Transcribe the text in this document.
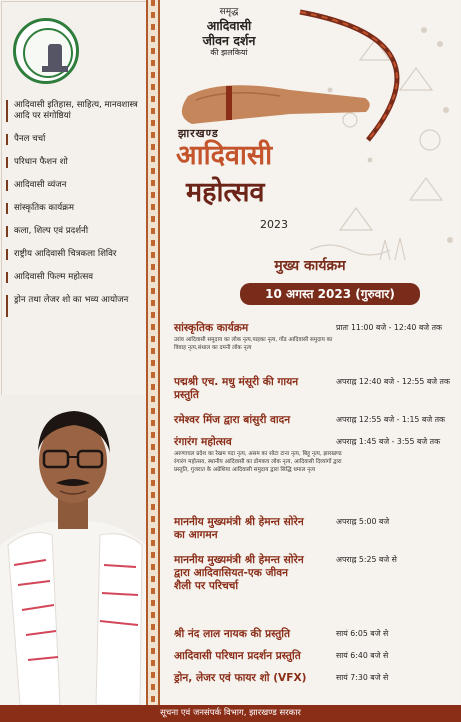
आदिवासी इतिहास, साहित्य, मानवशास्त्र आदि पर संगोष्ठियां
पैनल चर्चा
परिधान फैशन शो
आदिवासी व्यंजन
सांस्कृतिक कार्यक्रम
कला, शिल्प एवं प्रदर्शनी
राष्ट्रीय आदिवासी चित्रकला शिविर
आदिवासी फिल्म महोत्सव
ड्रोन तथा लेजर शो का भव्य आयोजन
समृद्ध
आदिवासी
जीवन दर्शन
की झलकियां
झारखण्ड
आदिवासी
महोत्सव
2023
मुख्य कार्यक्रम
10 अगस्त 2023 (गुरुवार)
सांस्कृतिक कार्यक्रम
उरांव आदिवासी समुदाय का लोक नृत्य,पाइका नृत्य, गोंड आदिवासी समुदाय का विवाह नृत्य,संथाल का दमनी लोक नृत्य
प्रातः 11:00 बजे - 12:40 बजे तक
पद्मश्री एच. मधु मंसूरी की गायन प्रस्तुति
अपराह्न 12:40 बजे - 12:55 बजे तक
रमेश्वर मिंज द्वारा बांसुरी वादन	अपराह्न 12:55 बजे - 1:15 बजे तक
रंगारंग महोत्सव
अरुणाचल प्रदेश का रेखम पदा नृत्य, असम का सोटा टाना नृत्य, बिहू नृत्य, झारखण्ड रंगारंग महोत्सव, स्थानीय आदिवासी का डोमकच लोक नृत्य, आदिवासी दिव्यांगों द्वारा प्रस्तुति, गुजरात के अग्रेशिया आदिवासी समुदाय द्वारा सिद्धि धमाल नृत्य
अपराह्न 1:45 बजे - 3:55 बजे तक
माननीय मुख्यमंत्री श्री हेमन्त सोरेन का आगमन
अपराह्न 5:00 बजे
माननीय मुख्यमंत्री श्री हेमन्त सोरेन द्वारा आदिवासियत-एक जीवन शैली पर परिचर्चा
अपराह्न 5:25 बजे से
श्री नंद लाल नायक की प्रस्तुति	सायं 6:05 बजे से
आदिवासी परिधान प्रदर्शन प्रस्तुति	सायं 6:40 बजे से
ड्रोन, लेजर एवं फायर शो (VFX)	सायं 7:30 बजे से
सूचना एवं जनसंपर्क विभाग, झारखण्ड सरकार
